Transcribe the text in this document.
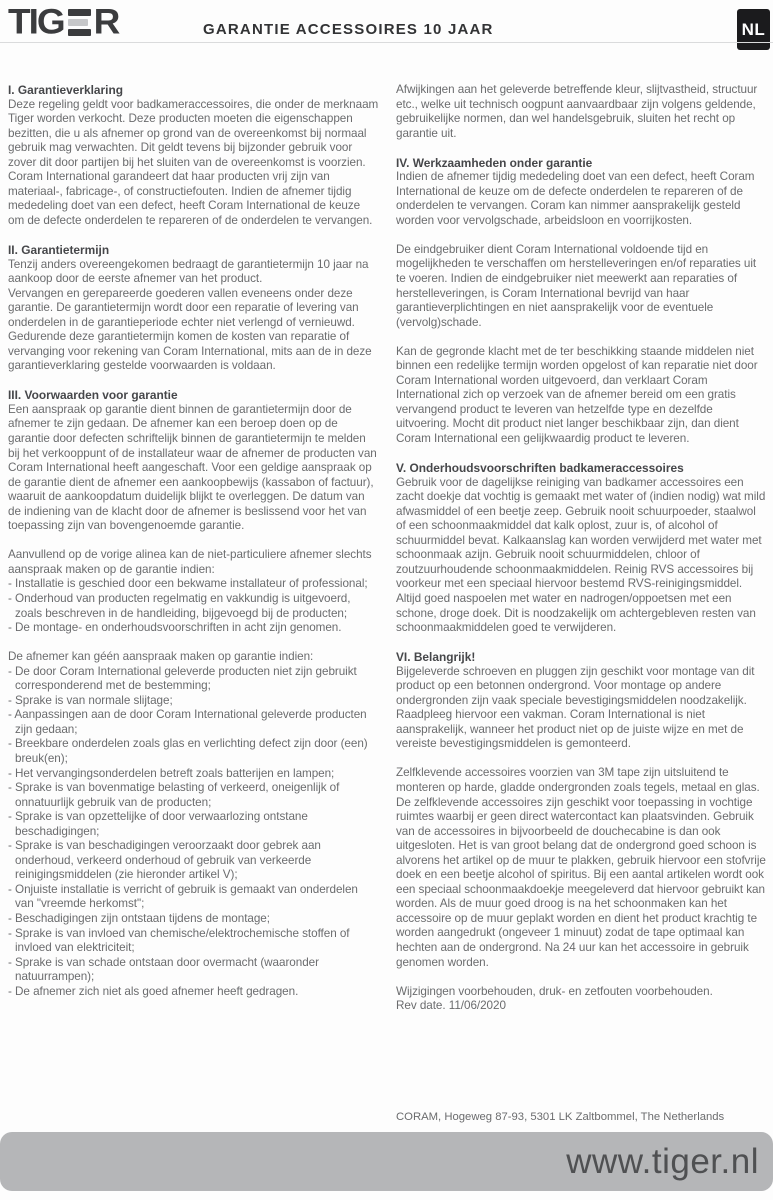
TIG R	GARANTIE ACCESSOIRES 10 JAAR	NL
I. Garantieverklaring

Deze regeling geldt voor badkameraccessoires, die onder de merknaam Tiger worden verkocht. Deze producten moeten die eigenschappen bezitten, die u als afnemer op grond van de overeenkomst bij normaal gebruik mag verwachten. Dit geldt tevens bij bijzonder gebruik voor zover dit door partijen bij het sluiten van de overeenkomst is voorzien. Coram International garandeert dat haar producten vrij zijn van materiaal-, fabricage-, of constructiefouten. Indien de afnemer tijdig mededeling doet van een defect, heeft Coram International de keuze om de defecte onderdelen te repareren of de onderdelen te vervangen.

II. Garantietermijn

Tenzij anders overeengekomen bedraagt de garantietermijn 10 jaar na aankoop door de eerste afnemer van het product.

Vervangen en gerepareerde goederen vallen eveneens onder deze garantie. De garantietermijn wordt door een reparatie of levering van onderdelen in de garantieperiode echter niet verlengd of vernieuwd.

Gedurende deze garantietermijn komen de kosten van reparatie of vervanging voor rekening van Coram International, mits aan de in deze garantieverklaring gestelde voorwaarden is voldaan.

III. Voorwaarden voor garantie

Een aanspraak op garantie dient binnen de garantietermijn door de afnemer te zijn gedaan. De afnemer kan een beroep doen op de garantie door defecten schriftelijk binnen de garantietermijn te melden bij het verkooppunt of de installateur waar de afnemer de producten van Coram International heeft aangeschaft. Voor een geldige aanspraak op de garantie dient de afnemer een aankoopbewijs (kassabon of factuur), waaruit de aankoopdatum duidelijk blijkt te overleggen. De datum van de indiening van de klacht door de afnemer is beslissend voor het van toepassing zijn van bovengenoemde garantie.

Aanvullend op de vorige alinea kan de niet-particuliere afnemer slechts aanspraak maken op de garantie indien:

- Installatie is geschied door een bekwame installateur of professional;
- Onderhoud van producten regelmatig en vakkundig is uitgevoerd, zoals beschreven in de handleiding, bijgevoegd bij de producten;
- De montage- en onderhoudsvoorschriften in acht zijn genomen.

De afnemer kan géén aanspraak maken op garantie indien:

- De door Coram International geleverde producten niet zijn gebruikt corresponderend met de bestemming;
- Sprake is van normale slijtage;
- Aanpassingen aan de door Coram International geleverde producten zijn gedaan;
- Breekbare onderdelen zoals glas en verlichting defect zijn door (een) breuk(en);
- Het vervangingsonderdelen betreft zoals batterijen en lampen;
- Sprake is van bovenmatige belasting of verkeerd, oneigenlijk of onnatuurlijk gebruik van de producten;
- Sprake is van opzettelijke of door verwaarlozing ontstane beschadigingen;
- Sprake is van beschadigingen veroorzaakt door gebrek aan onderhoud, verkeerd onderhoud of gebruik van verkeerde reinigingsmiddelen (zie hieronder artikel V);
- Onjuiste installatie is verricht of gebruik is gemaakt van onderdelen van "vreemde herkomst";
- Beschadigingen zijn ontstaan tijdens de montage;
- Sprake is van invloed van chemische/elektrochemische stoffen of invloed van elektriciteit;
- Sprake is van schade ontstaan door overmacht (waaronder natuurrampen);
- De afnemer zich niet als goed afnemer heeft gedragen.

Afwijkingen aan het geleverde betreffende kleur, slijtvastheid, structuur etc., welke uit technisch oogpunt aanvaardbaar zijn volgens geldende, gebruikelijke normen, dan wel handelsgebruik, sluiten het recht op garantie uit.

IV. Werkzaamheden onder garantie

Indien de afnemer tijdig mededeling doet van een defect, heeft Coram International de keuze om de defecte onderdelen te repareren of de onderdelen te vervangen. Coram kan nimmer aansprakelijk gesteld worden voor vervolgschade, arbeidsloon en voorrijkosten.

De eindgebruiker dient Coram International voldoende tijd en mogelijkheden te verschaffen om herstelleveringen en/of reparaties uit te voeren. Indien de eindgebruiker niet meewerkt aan reparaties of herstelleveringen, is Coram International bevrijd van haar garantieverplichtingen en niet aansprakelijk voor de eventuele (vervolg)schade.

Kan de gegronde klacht met de ter beschikking staande middelen niet binnen een redelijke termijn worden opgelost of kan reparatie niet door Coram International worden uitgevoerd, dan verklaart Coram International zich op verzoek van de afnemer bereid om een gratis vervangend product te leveren van hetzelfde type en dezelfde uitvoering. Mocht dit product niet langer beschikbaar zijn, dan dient Coram International een gelijkwaardig product te leveren.

V. Onderhoudsvoorschriften badkameraccessoires

Gebruik voor de dagelijkse reiniging van badkamer accessoires een zacht doekje dat vochtig is gemaakt met water of (indien nodig) wat mild afwasmiddel of een beetje zeep. Gebruik nooit schuurpoeder, staalwol of een schoonmaakmiddel dat kalk oplost, zuur is, of alcohol of schuurmiddel bevat. Kalkaanslag kan worden verwijderd met water met schoonmaak azijn. Gebruik nooit schuurmiddelen, chloor of zoutzuurhoudende schoonmaakmiddelen. Reinig RVS accessoires bij voorkeur met een speciaal hiervoor bestemd RVS-reinigingsmiddel. Altijd goed naspoelen met water en nadrogen/oppoetsen met een schone, droge doek. Dit is noodzakelijk om achtergebleven resten van schoonmaakmiddelen goed te verwijderen.

VI. Belangrijk!

Bijgeleverde schroeven en pluggen zijn geschikt voor montage van dit product op een betonnen ondergrond. Voor montage op andere ondergronden zijn vaak speciale bevestigingsmiddelen noodzakelijk. Raadpleeg hiervoor een vakman. Coram International is niet aansprakelijk, wanneer het product niet op de juiste wijze en met de vereiste bevestigingsmiddelen is gemonteerd.

Zelfklevende accessoires voorzien van 3M tape zijn uitsluitend te monteren op harde, gladde ondergronden zoals tegels, metaal en glas. De zelfklevende accessoires zijn geschikt voor toepassing in vochtige ruimtes waarbij er geen direct watercontact kan plaatsvinden. Gebruik van de accessoires in bijvoorbeeld de douchecabine is dan ook uitgesloten. Het is van groot belang dat de ondergrond goed schoon is alvorens het artikel op de muur te plakken, gebruik hiervoor een stofvrije doek en een beetje alcohol of spiritus. Bij een aantal artikelen wordt ook een speciaal schoonmaakdoekje meegeleverd dat hiervoor gebruikt kan worden. Als de muur goed droog is na het schoonmaken kan het accessoire op de muur geplakt worden en dient het product krachtig te worden aangedrukt (ongeveer 1 minuut) zodat de tape optimaal kan hechten aan de ondergrond. Na 24 uur kan het accessoire in gebruik genomen worden.

Wijzigingen voorbehouden, druk- en zetfouten voorbehouden.

Rev date. 11/06/2020

CORAM, Hogeweg 87-93, 5301 LK Zaltbommel, The Netherlands
www.tiger.nl
